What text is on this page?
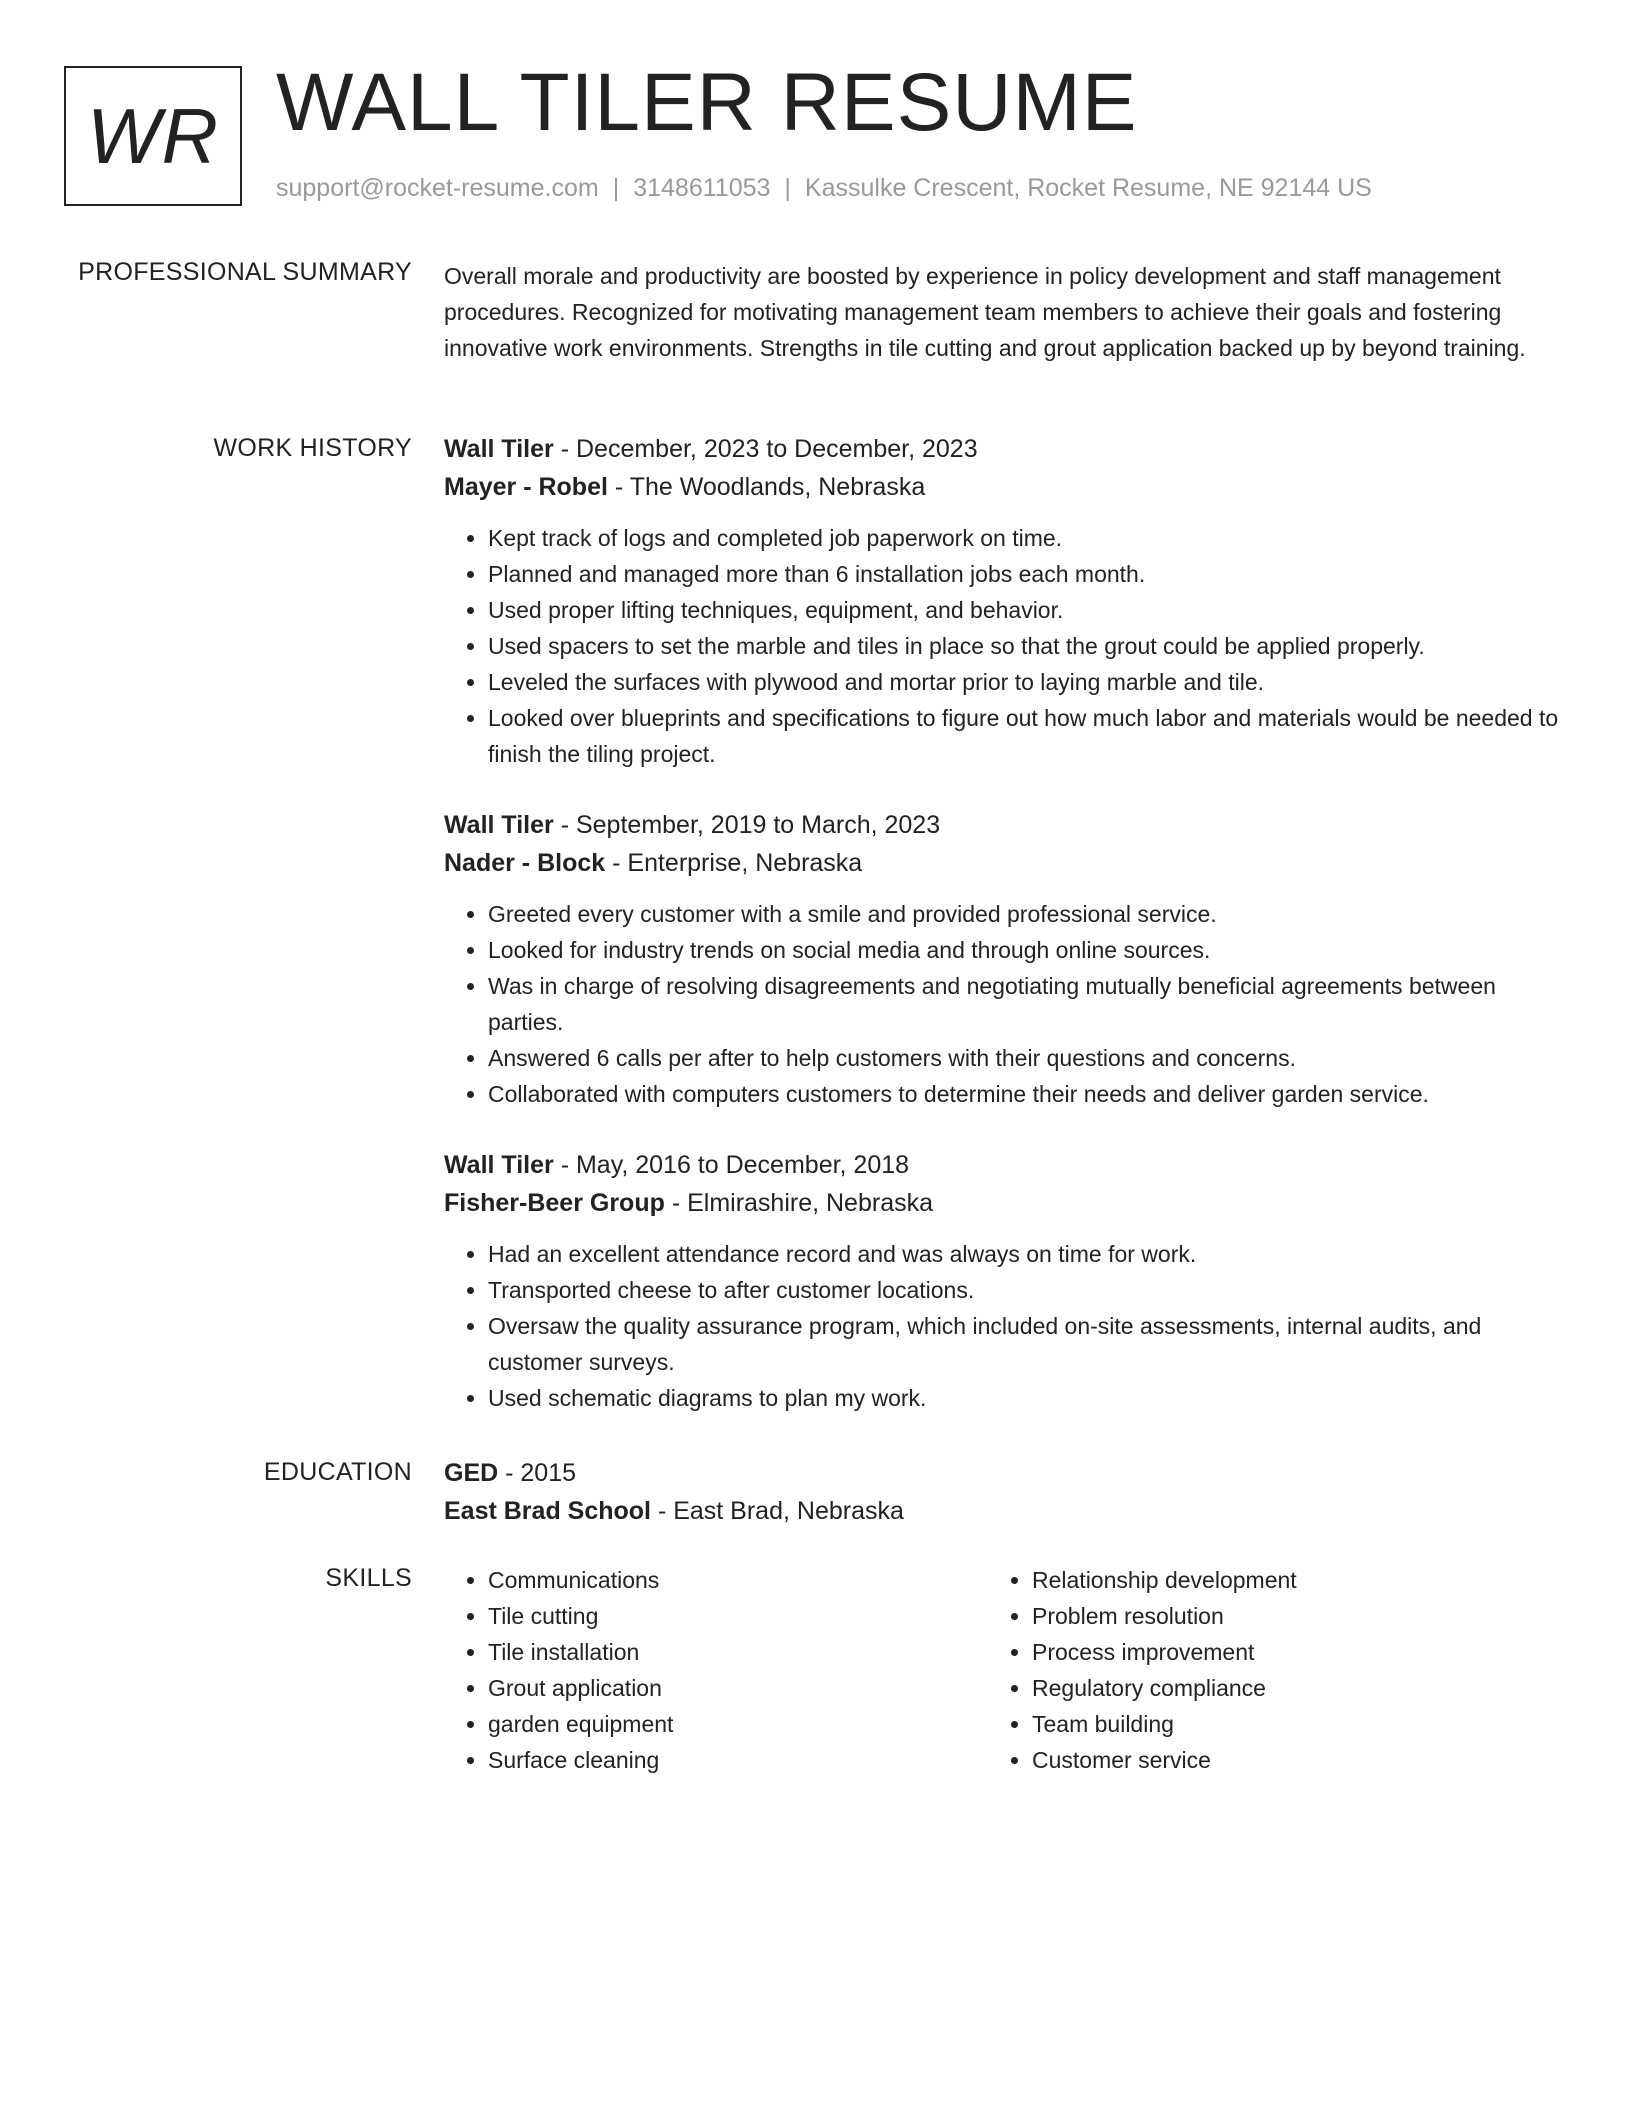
WR WALL TILER RESUME
support@rocket-resume.com | 3148611053 | Kassulke Crescent, Rocket Resume, NE 92144 US
PROFESSIONAL SUMMARY Overall morale and productivity are boosted by experience in policy development and staff management procedures. Recognized for motivating management team members to achieve their goals and fostering innovative work environments. Strengths in tile cutting and grout application backed up by beyond training.

WORK HISTORY Wall Tiler - December, 2023 to December, 2023
Mayer - Robel - The Woodlands, Nebraska
• Kept track of logs and completed job paperwork on time.
• Planned and managed more than 6 installation jobs each month.
• Used proper lifting techniques, equipment, and behavior.
• Used spacers to set the marble and tiles in place so that the grout could be applied properly.
• Leveled the surfaces with plywood and mortar prior to laying marble and tile.
• Looked over blueprints and specifications to figure out how much labor and materials would be needed to finish the tiling project.
Wall Tiler - September, 2019 to March, 2023
Nader - Block - Enterprise, Nebraska
• Greeted every customer with a smile and provided professional service.
• Looked for industry trends on social media and through online sources.
• Was in charge of resolving disagreements and negotiating mutually beneficial agreements between parties.
• Answered 6 calls per after to help customers with their questions and concerns.
• Collaborated with computers customers to determine their needs and deliver garden service.
Wall Tiler - May, 2016 to December, 2018
Fisher-Beer Group - Elmirashire, Nebraska
• Had an excellent attendance record and was always on time for work.
• Transported cheese to after customer locations.
• Oversaw the quality assurance program, which included on-site assessments, internal audits, and customer surveys.
• Used schematic diagrams to plan my work.
EDUCATION GED - 2015
East Brad School - East Brad, Nebraska
SKILLS
•	Communications
• Tile cutting
• Tile installation
• Grout application
• garden equipment
• Surface cleaning
• Relationship development
• Problem resolution
• Process improvement
• Regulatory compliance
• Team building
• Customer service
